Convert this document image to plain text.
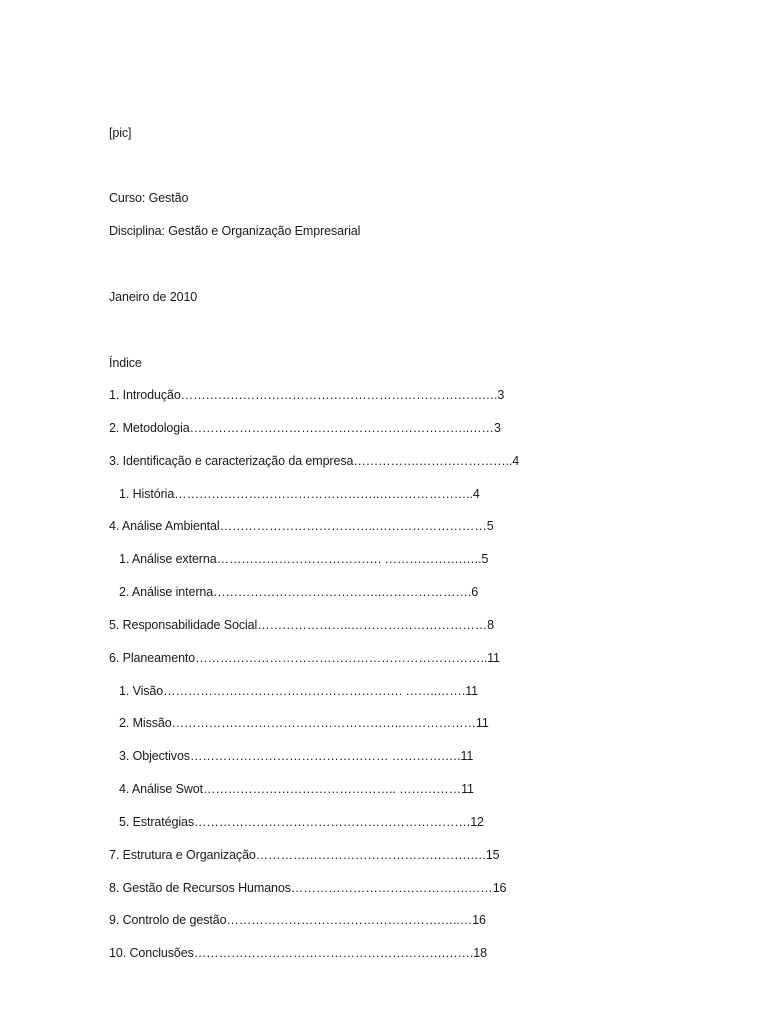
[pic]
Curso: Gestão
Disciplina: Gestão e Organização Empresarial
Janeiro de 2010
Índice
1. Introdução……………………………………………………………….….3
2. Metodologia…………………………………………………………..……3
3. Identificação e caracterização da empresa…………….…………………..4
1. História…………………………………………..…………………..4
4. Análise Ambiental………………………………..………………………5
1. Análise externa…………………………………. ……………….…..5
2. Análise interna…………………………………..………………….6
5. Responsabilidade Social…………………..……………………………8
6. Planeamento……………………………………………………………..11
1. Visão…………………………………………………. ……..…….11
2. Missão………………………………………………..………………11
3. Objectivos………………………………………… ………….….11
4. Análise Swot……………………………………….. ……………11
5. Estratégias………………………………………………………….12
7. Estrutura e Organização…………………………………………….….15
8. Gestão de Recursos Humanos…………………………………….……16
9. Controlo de gestão…………………………………………….…..…16
10. Conclusões…………………………………………………….…….18
